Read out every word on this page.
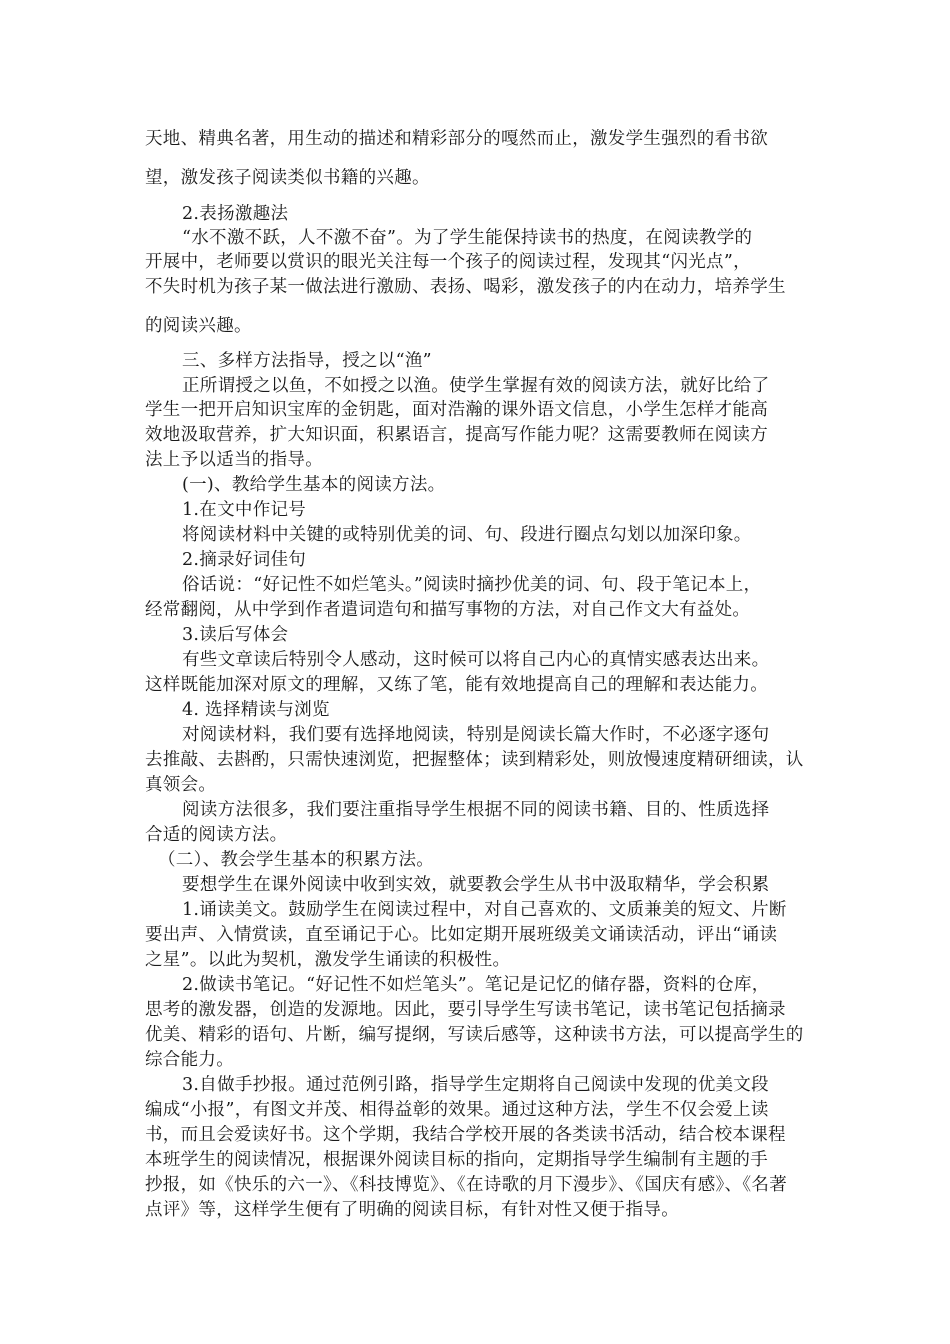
天地、精典名著，用生动的描述和精彩部分的嘎然而止，激发学生强烈的看书欲

望，激发孩子阅读类似书籍的兴趣。

2.表扬激趣法

“水不激不跃，人不激不奋”。为了学生能保持读书的热度，在阅读教学的

开展中，老师要以赏识的眼光关注每一个孩子的阅读过程，发现其“闪光点”，

不失时机为孩子某一做法进行激励、表扬、喝彩，激发孩子的内在动力，培养学生

的阅读兴趣。

三、多样方法指导，授之以“渔”

正所谓授之以鱼，不如授之以渔。使学生掌握有效的阅读方法，就好比给了

学生一把开启知识宝库的金钥匙，面对浩瀚的课外语文信息，小学生怎样才能高

效地汲取营养，扩大知识面，积累语言，提高写作能力呢？这需要教师在阅读方

法上予以适当的指导。

(一)、教给学生基本的阅读方法。

1.在文中作记号

将阅读材料中关键的或特别优美的词、句、段进行圈点勾划以加深印象。

2.摘录好词佳句

俗话说：“好记性不如烂笔头。”阅读时摘抄优美的词、句、段于笔记本上，

经常翻阅，从中学到作者遣词造句和描写事物的方法，对自己作文大有益处。

3.读后写体会

有些文章读后特别令人感动，这时候可以将自己内心的真情实感表达出来。

这样既能加深对原文的理解，又练了笔，能有效地提高自己的理解和表达能力。

4. 选择精读与浏览

对阅读材料，我们要有选择地阅读，特别是阅读长篇大作时，不必逐字逐句

去推敲、去斟酌，只需快速浏览，把握整体；读到精彩处，则放慢速度精研细读，认

真领会。

阅读方法很多，我们要注重指导学生根据不同的阅读书籍、目的、性质选择

合适的阅读方法。

（二）、教会学生基本的积累方法。

要想学生在课外阅读中收到实效，就要教会学生从书中汲取精华，学会积累

1.诵读美文。鼓励学生在阅读过程中，对自己喜欢的、文质兼美的短文、片断

要出声、入情赏读，直至诵记于心。比如定期开展班级美文诵读活动，评出“诵读

之星”。以此为契机，激发学生诵读的积极性。

2.做读书笔记。“好记性不如烂笔头”。笔记是记忆的储存器，资料的仓库，

思考的激发器，创造的发源地。因此，要引导学生写读书笔记，读书笔记包括摘录

优美、精彩的语句、片断，编写提纲，写读后感等，这种读书方法，可以提高学生的

综合能力。

3.自做手抄报。通过范例引路，指导学生定期将自己阅读中发现的优美文段

编成“小报”，有图文并茂、相得益彰的效果。通过这种方法，学生不仅会爱上读

书，而且会爱读好书。这个学期，我结合学校开展的各类读书活动，结合校本课程

本班学生的阅读情况，根据课外阅读目标的指向，定期指导学生编制有主题的手

抄报，如《快乐的六一》、《科技博览》、《在诗歌的月下漫步》、《国庆有感》、《名著

点评》等，这样学生便有了明确的阅读目标，有针对性又便于指导。
